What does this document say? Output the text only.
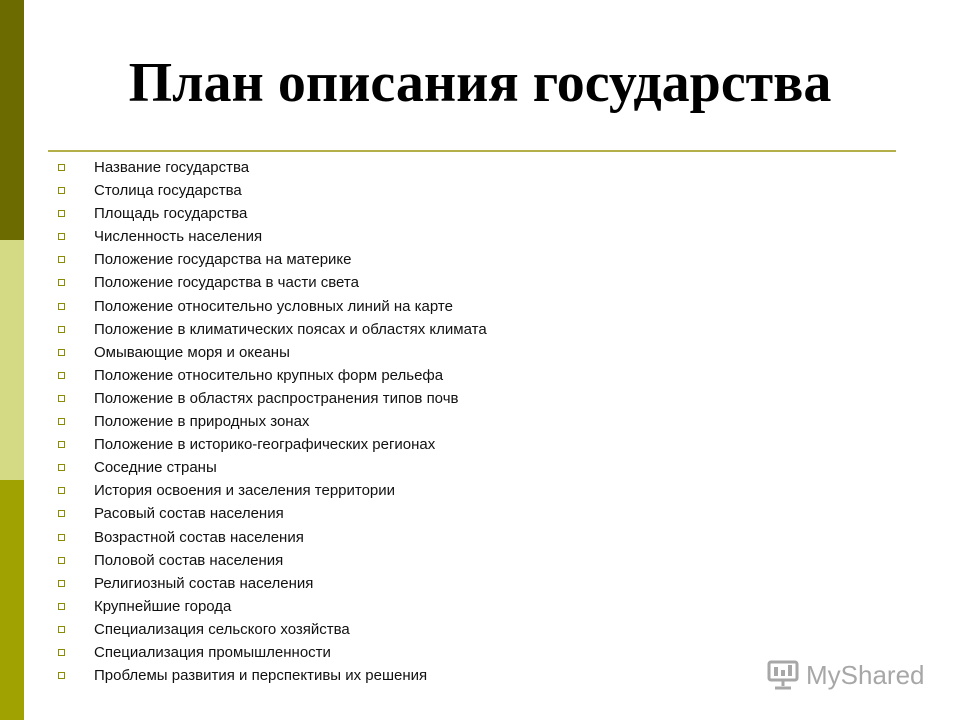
План описания государства
Название государства
Столица государства
Площадь государства
Численность населения
Положение государства на материке
Положение государства в части света
Положение относительно условных линий на карте
Положение в климатических поясах и областях климата
Омывающие моря и океаны
Положение относительно крупных форм рельефа
Положение в областях распространения типов почв
Положение в природных зонах
Положение в историко-географических регионах
Соседние страны
История освоения и заселения территории
Расовый состав населения
Возрастной состав населения
Половой состав населения
Религиозный состав населения
Крупнейшие города
Специализация сельского хозяйства
Специализация промышленности
Проблемы развития и перспективы их решения	MyShared
